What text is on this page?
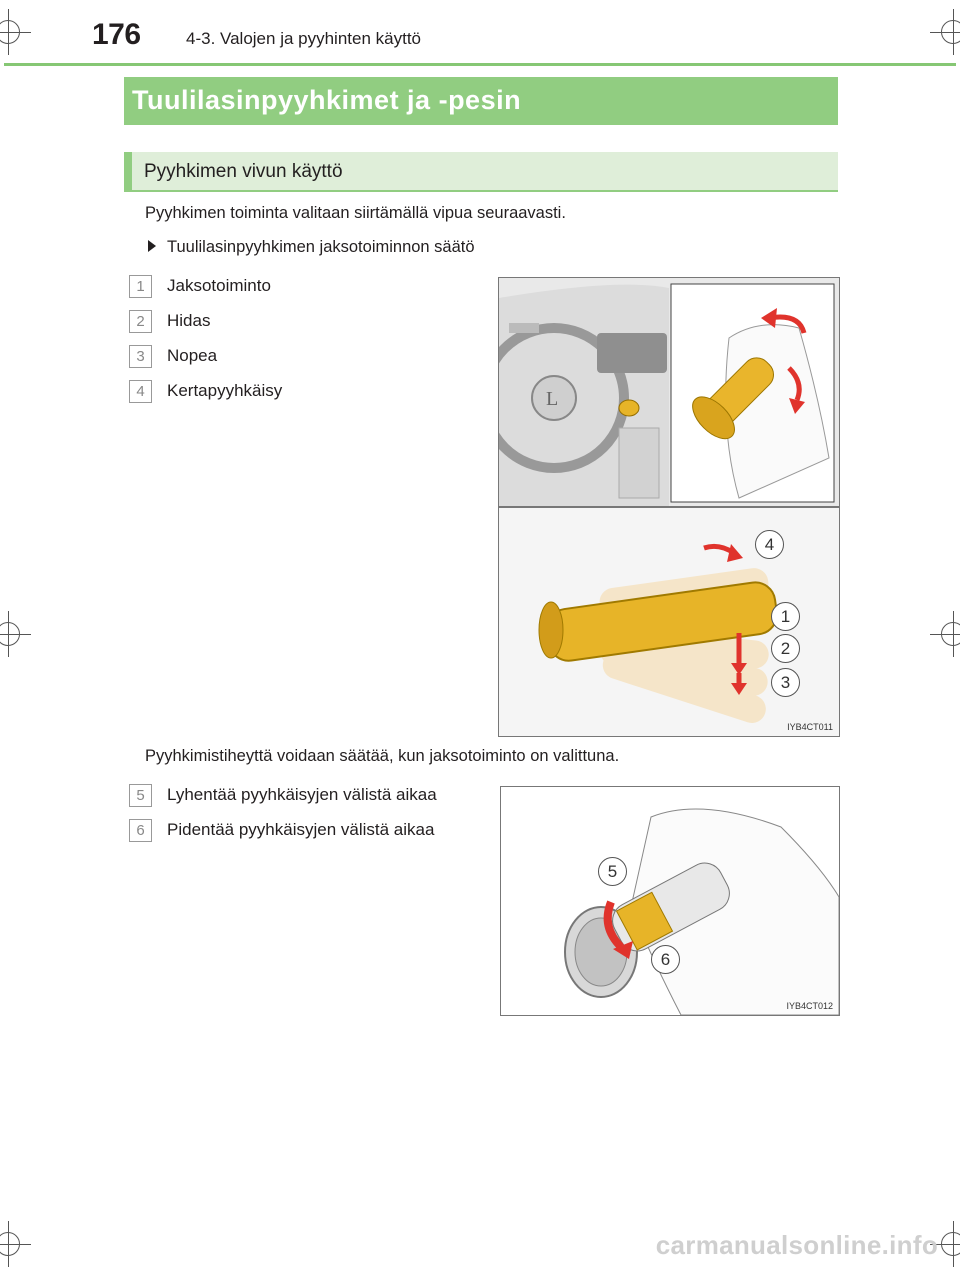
176	4-3. Valojen ja pyyhinten käyttö
Tuulilasinpyyhkimet ja -pesin
Pyyhkimen vivun käyttö
Pyyhkimen toiminta valitaan siirtämällä vipua seuraavasti.
Tuulilasinpyyhkimen jaksotoiminnon säätö
1	Jaksotoiminto
2	Hidas
3	Nopea
4	Kertapyyhkäisy	L
4
1
2
3
IYB4CT011
Pyyhkimistiheyttä voidaan säätää, kun jaksotoiminto on valittuna.
5	Lyhentää pyyhkäisyjen välistä aikaa
6	Pidentää pyyhkäisyjen välistä aikaa
5
6
IYB4CT012
carmanualsonline.info
